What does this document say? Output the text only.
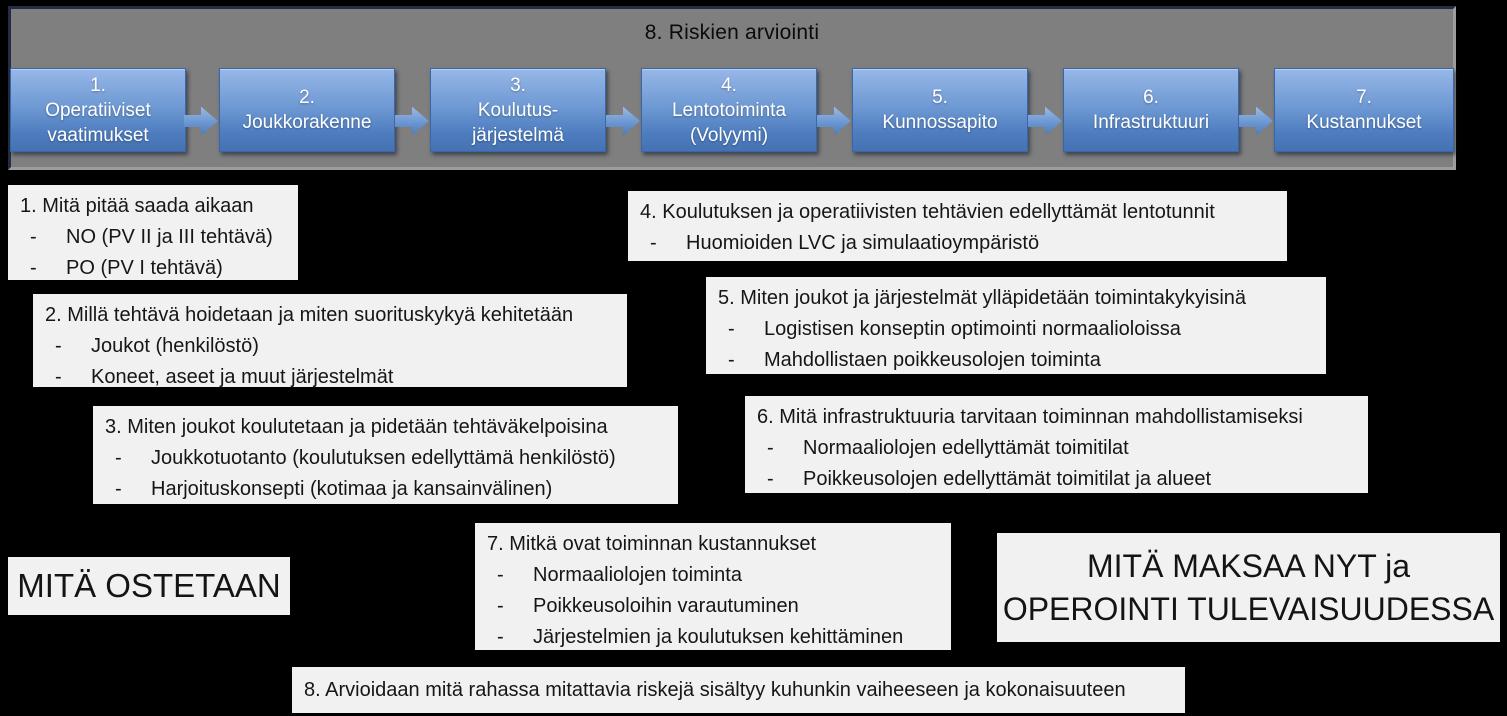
8. Riskien arviointi
1.
Operatiiviset
vaatimukset
2.
Joukkorakenne
3.
Koulutus-
järjestelmä
4.
Lentotoiminta
(Volyymi)
5.
Kunnossapito
6.
Infrastruktuuri
7.
Kustannukset
1. Mitä pitää saada aikaan
-	NO (PV II ja III tehtävä)
-	PO (PV I tehtävä)
2. Millä tehtävä hoidetaan ja miten suorituskykyä kehitetään
-	Joukot (henkilöstö)
-	Koneet, aseet ja muut järjestelmät
3. Miten joukot koulutetaan ja pidetään tehtäväkelpoisina
-	Joukkotuotanto (koulutuksen edellyttämä henkilöstö)
-	Harjoituskonsepti (kotimaa ja kansainvälinen)
4. Koulutuksen ja operatiivisten tehtävien edellyttämät lentotunnit
-	Huomioiden LVC ja simulaatioympäristö
5. Miten joukot ja järjestelmät ylläpidetään toimintakykyisinä
-	Logistisen konseptin optimointi normaalioloissa
-	Mahdollistaen poikkeusolojen toiminta
6. Mitä infrastruktuuria tarvitaan toiminnan mahdollistamiseksi
-	Normaaliolojen edellyttämät toimitilat
-	Poikkeusolojen edellyttämät toimitilat ja alueet
7. Mitkä ovat toiminnan kustannukset
-	Normaaliolojen toiminta
-	Poikkeusoloihin varautuminen
-	Järjestelmien ja koulutuksen kehittäminen
MITÄ OSTETAAN
MITÄ MAKSAA NYT ja
OPEROINTI TULEVAISUUDESSA
8. Arvioidaan mitä rahassa mitattavia riskejä sisältyy kuhunkin vaiheeseen ja kokonaisuuteen
